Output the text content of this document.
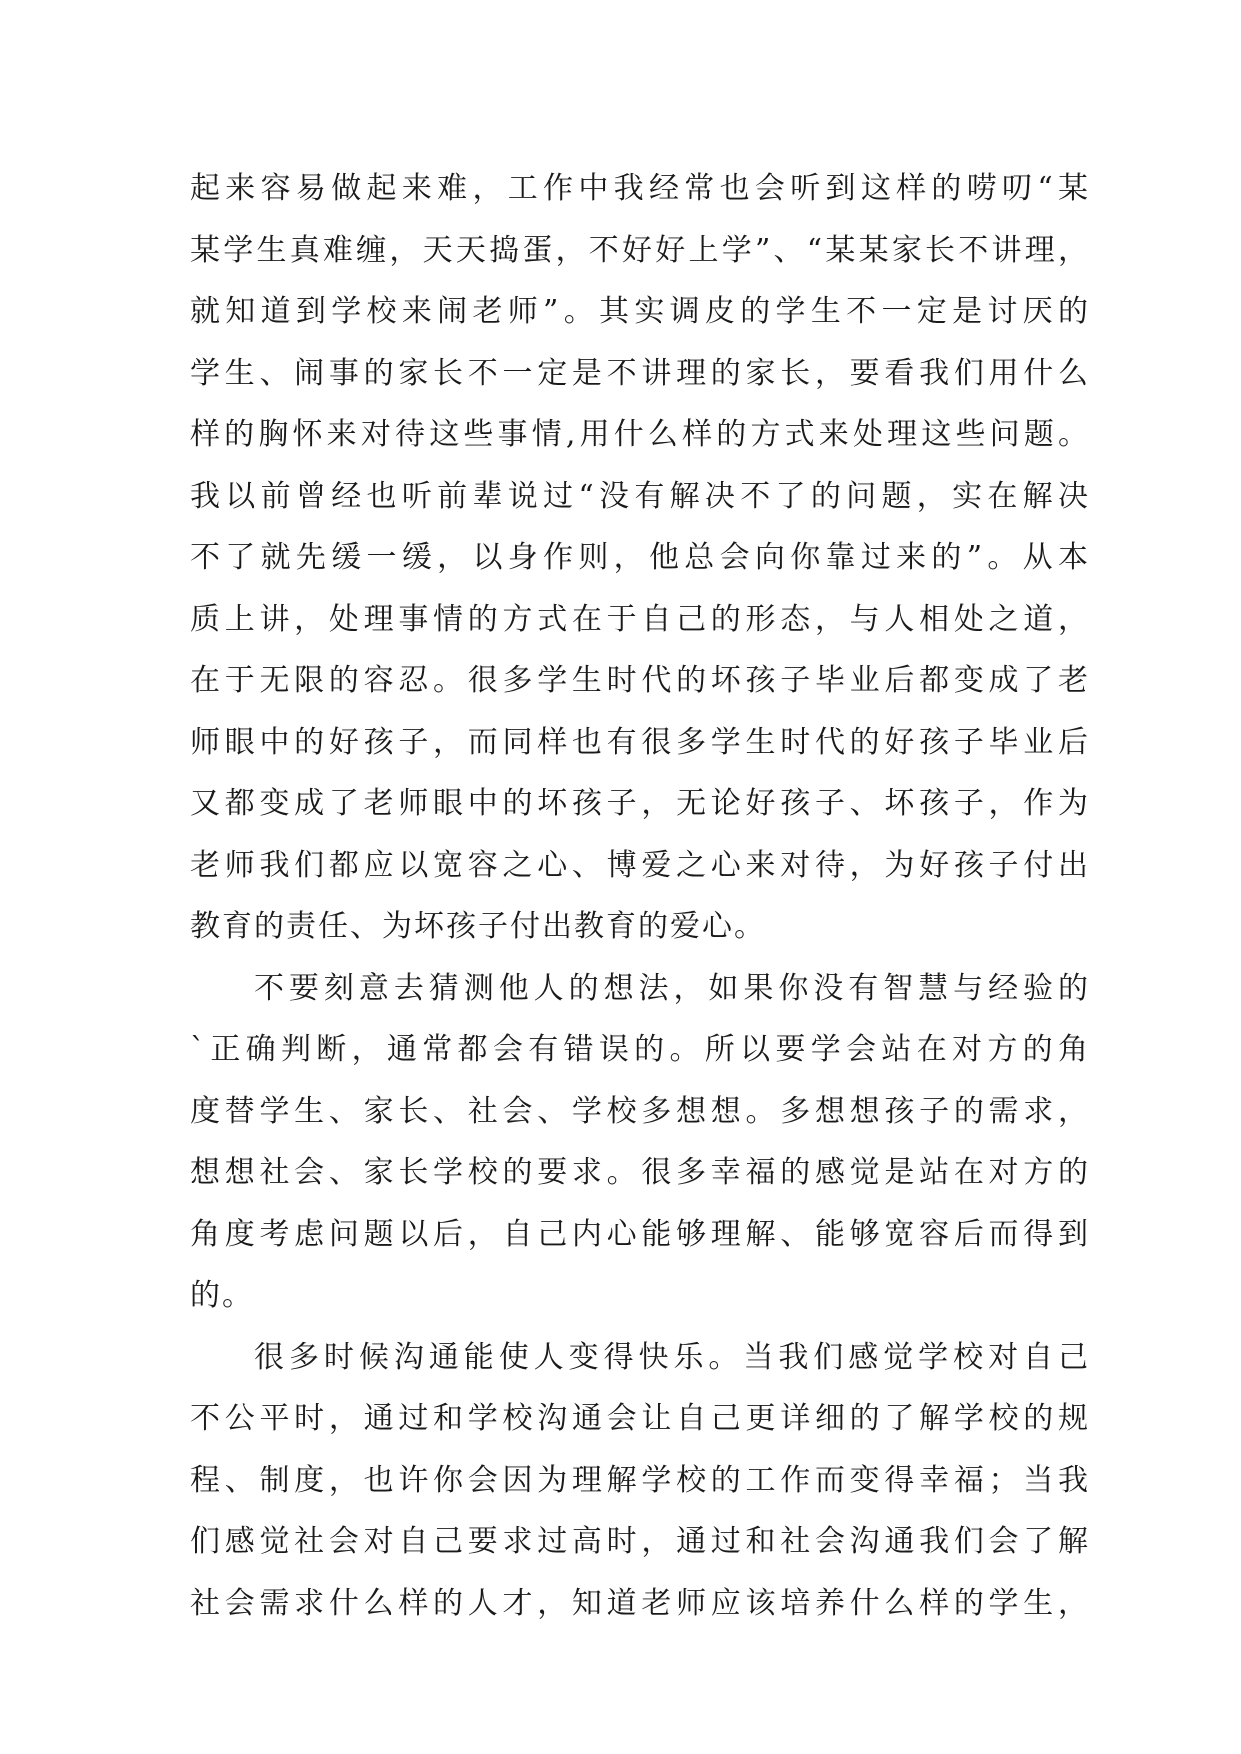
起来容易做起来难，工作中我经常也会听到这样的唠叨“某
某学生真难缠，天天捣蛋，不好好上学”、“某某家长不讲理，
就知道到学校来闹老师”。其实调皮的学生不一定是讨厌的
学生、闹事的家长不一定是不讲理的家长，要看我们用什么
样的胸怀来对待这些事情,用什么样的方式来处理这些问题。
我以前曾经也听前辈说过“没有解决不了的问题，实在解决
不了就先缓一缓，以身作则，他总会向你靠过来的”。从本
质上讲，处理事情的方式在于自己的形态，与人相处之道，
在于无限的容忍。很多学生时代的坏孩子毕业后都变成了老
师眼中的好孩子，而同样也有很多学生时代的好孩子毕业后
又都变成了老师眼中的坏孩子，无论好孩子、坏孩子，作为
老师我们都应以宽容之心、博爱之心来对待，为好孩子付出
教育的责任、为坏孩子付出教育的爱心。
不要刻意去猜测他人的想法，如果你没有智慧与经验的
`正确判断，通常都会有错误的。所以要学会站在对方的角
度替学生、家长、社会、学校多想想。多想想孩子的需求，
想想社会、家长学校的要求。很多幸福的感觉是站在对方的
角度考虑问题以后，自己内心能够理解、能够宽容后而得到
的。
很多时候沟通能使人变得快乐。当我们感觉学校对自己
不公平时，通过和学校沟通会让自己更详细的了解学校的规
程、制度，也许你会因为理解学校的工作而变得幸福；当我
们感觉社会对自己要求过高时，通过和社会沟通我们会了解
社会需求什么样的人才，知道老师应该培养什么样的学生，
